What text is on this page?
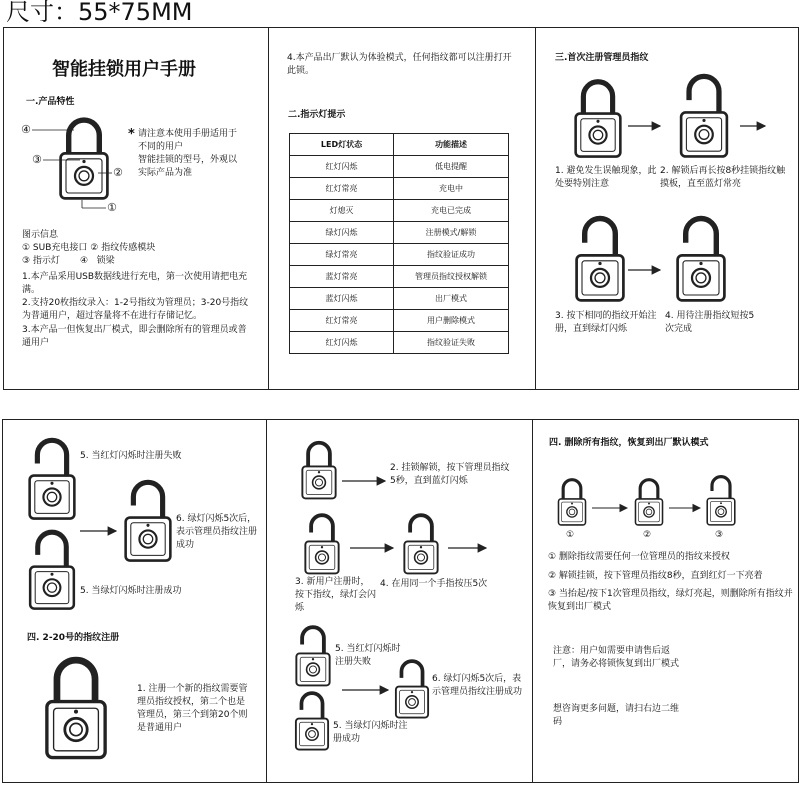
尺寸：55*75MM
智能挂锁用户手册
一.产品特性
④
③
②
①
* 请注意本使用手册适用于
不同的用户
智能挂锁的型号，外观以
实际产品为准
图示信息
① SUB充电接口 ② 指纹传感模块
③ 指示灯       ④   锁梁
1.本产品采用USB数据线进行充电，第一次使用请把电充满。
2.支持20枚指纹录入：1-2号指纹为管理员；3-20号指纹为普通用户，超过容量将不在进行存储记忆。
3.本产品一但恢复出厂模式，即会删除所有的管理员或普通用户
4.本产品出厂默认为体验模式，任何指纹都可以注册打开此锁。
二.指示灯提示
LED灯状态	功能描述
红灯闪烁	低电提醒
红灯常亮	充电中
灯熄灭	充电已完成
绿灯闪烁	注册模式/解锁
绿灯常亮	指纹验证成功
蓝灯常亮	管理员指纹授权解锁
蓝灯闪烁	出厂模式
红灯常亮	用户删除模式
红灯闪烁	指纹验证失败
三.首次注册管理员指纹
1. 避免发生误触现象，此处要特别注意
2. 解锁后再长按8秒挂锁指纹触摸板，直至蓝灯常亮
3. 按下相同的指纹开始注册，直到绿灯闪烁
4. 用待注册指纹短按5次完成
5. 当红灯闪烁时注册失败
6. 绿灯闪烁5次后，表示管理员指纹注册成功
5. 当绿灯闪烁时注册成功
四. 2-20号的指纹注册
1. 注册一个新的指纹需要管理员指纹授权，第二个也是管理员，第三个到第20个则是普通用户
2. 挂锁解锁，按下管理员指纹5秒，直到蓝灯闪烁
3. 新用户注册时，按下指纹，绿灯会闪烁
4. 在用同一个手指按压5次
5. 当红灯闪烁时注册失败
6. 绿灯闪烁5次后，表示管理员指纹注册成功
5. 当绿灯闪烁时注册成功
四. 删除所有指纹，恢复到出厂默认模式
①	②	③
① 删除指纹需要任何一位管理员的指纹来授权
② 解锁挂锁，按下管理员指纹8秒，直到红灯一下亮着
③ 当抬起/按下1次管理员指纹，绿灯亮起，则删除所有指纹并恢复到出厂模式
注意：用户如需要申请售后返厂，请务必将锁恢复到出厂模式
想咨询更多问题，请扫右边二维码
